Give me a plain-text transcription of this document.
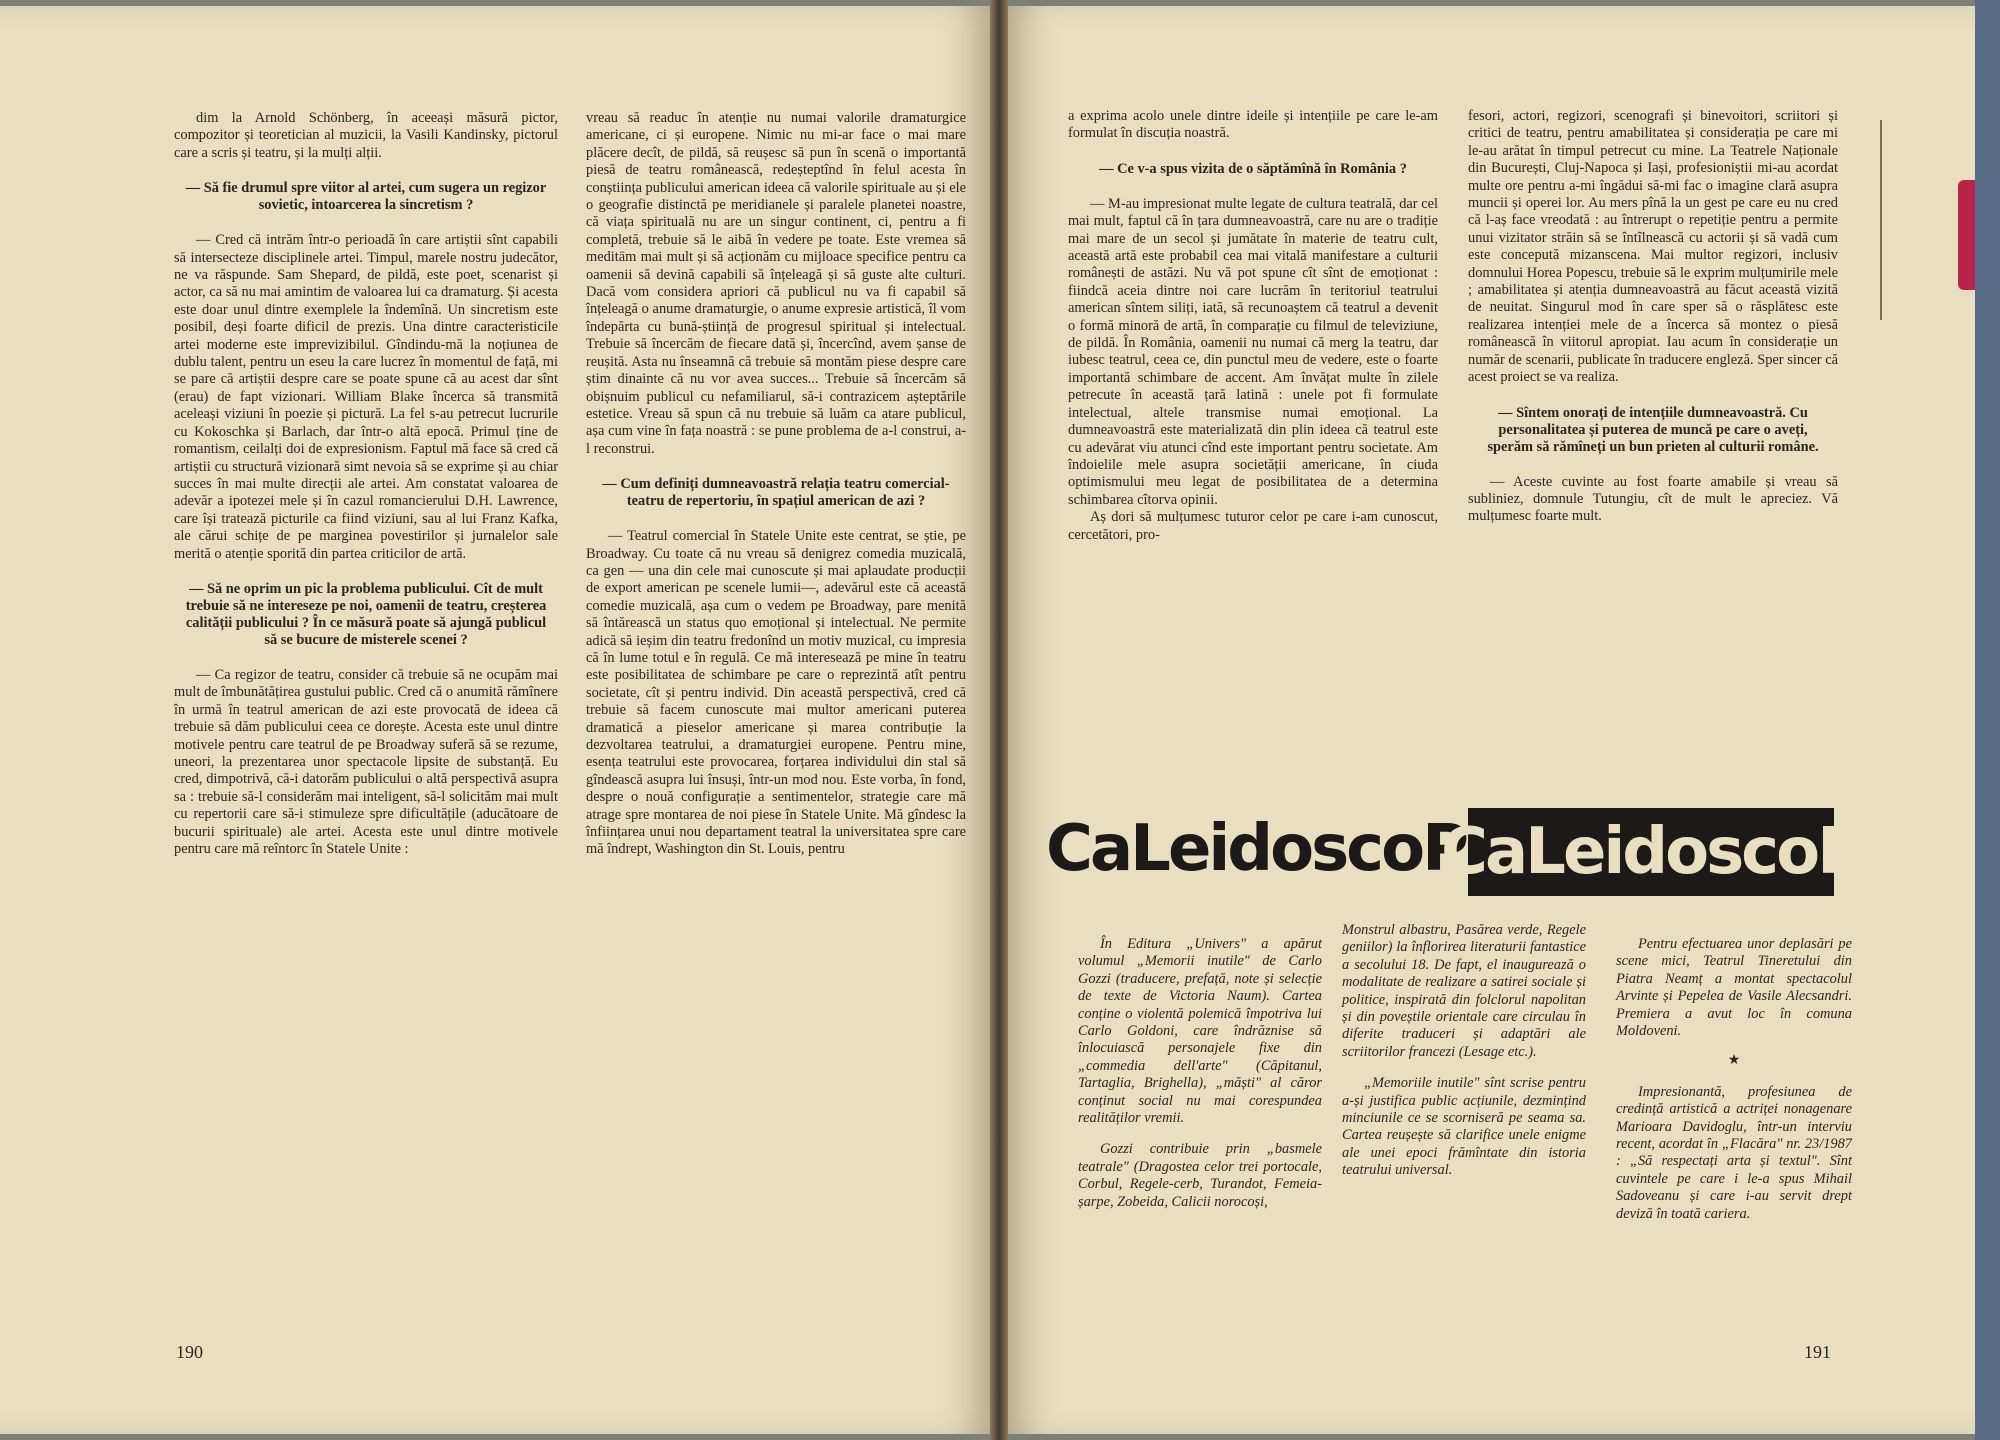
dim la Arnold Schönberg, în aceeași măsură pictor, compozitor și teoretician al muzicii, la Vasili Kandinsky, pictorul care a scris și teatru, și la mulți alții.

— Să fie drumul spre viitor al artei, cum sugera un regizor sovietic, intoarcerea la sincretism ?

— Cred că intrăm într-o perioadă în care artiștii sînt capabili să intersecteze disciplinele artei. Timpul, marele nostru judecător, ne va răspunde. Sam Shepard, de pildă, este poet, scenarist și actor, ca să nu mai amintim de valoarea lui ca dramaturg. Și acesta este doar unul dintre exemplele la îndemînă. Un sincretism este posibil, deși foarte dificil de prezis. Una dintre caracteristicile artei moderne este imprevizibilul. Gîndindu-mă la noțiunea de dublu talent, pentru un eseu la care lucrez în momentul de față, mi se pare că artiștii despre care se poate spune că au acest dar sînt (erau) de fapt vizionari. William Blake încerca să transmită aceleași viziuni în poezie și pictură. La fel s-au petrecut lucrurile cu Kokoschka și Barlach, dar într-o altă epocă. Primul ține de romantism, ceilalți doi de expresionism. Faptul mă face să cred că artiștii cu structură vizionară simt nevoia să se exprime și au chiar succes în mai multe direcții ale artei. Am constatat valoarea de adevăr a ipotezei mele și în cazul romancierului D.H. Lawrence, care își tratează picturile ca fiind viziuni, sau al lui Franz Kafka, ale cărui schițe de pe marginea povestirilor și jurnalelor sale merită o atenție sporită din partea criticilor de artă.

— Să ne oprim un pic la problema publicului. Cît de mult trebuie să ne intereseze pe noi, oamenii de teatru, creșterea calității publicului ? În ce măsură poate să ajungă publicul să se bucure de misterele scenei ?

— Ca regizor de teatru, consider că trebuie să ne ocupăm mai mult de îmbunătățirea gustului public. Cred că o anumită rămînere în urmă în teatrul american de azi este provocată de ideea că trebuie să dăm publicului ceea ce dorește. Acesta este unul dintre motivele pentru care teatrul de pe Broadway suferă să se rezume, uneori, la prezentarea unor spectacole lipsite de substanță. Eu cred, dimpotrivă, că-i datorăm publicului o altă perspectivă asupra sa : trebuie să-l considerăm mai inteligent, să-l solicităm mai mult cu repertorii care să-i stimuleze spre dificultățile (aducătoare de bucurii spirituale) ale artei. Acesta este unul dintre motivele pentru care mă reîntorc în Statele Unite :

vreau să readuc în atenție nu numai valorile dramaturgice americane, ci și europene. Nimic nu mi-ar face o mai mare plăcere decît, de pildă, să reușesc să pun în scenă o importantă piesă de teatru românească, redeșteptînd în felul acesta în conștiința publicului american ideea că valorile spirituale au și ele o geografie distinctă pe meridianele și paralele planetei noastre, că viața spirituală nu are un singur continent, ci, pentru a fi completă, trebuie să le aibă în vedere pe toate. Este vremea să meditām mai mult și să acționăm cu mijloace specifice pentru ca oamenii să devină capabili să înțeleagă și să guste alte culturi. Dacă vom considera apriori că publicul nu va fi capabil să înțeleagă o anume dramaturgie, o anume expresie artistică, îl vom îndepărta cu bună-știință de progresul spiritual și intelectual. Trebuie să încercăm de fiecare dată și, încercînd, avem șanse de reușită. Asta nu înseamnă că trebuie să montăm piese despre care știm dinainte că nu vor avea succes... Trebuie să încercăm să obișnuim publicul cu nefamiliarul, să-i contrazicem așteptările estetice. Vreau să spun că nu trebuie să luăm ca atare publicul, așa cum vine în fața noastră : se pune problema de a-l construi, a-l reconstrui.

— Cum definiți dumneavoastră relația teatru comercial-teatru de repertoriu, în spațiul american de azi ?

— Teatrul comercial în Statele Unite este centrat, se știe, pe Broadway. Cu toate că nu vreau să denigrez comedia muzicală, ca gen — una din cele mai cunoscute și mai aplaudate producții de export american pe scenele lumii—, adevărul este că această comedie muzicală, așa cum o vedem pe Broadway, pare menită să întărească un status quo emoțional și intelectual. Ne permite adică să ieșim din teatru fredonînd un motiv muzical, cu impresia că în lume totul e în regulă. Ce mă interesează pe mine în teatru este posibilitatea de schimbare pe care o reprezintă atît pentru societate, cît și pentru individ. Din această perspectivă, cred că trebuie să facem cunoscute mai multor americani puterea dramatică a pieselor americane și marea contribuție la dezvoltarea teatrului, a dramaturgiei europene. Pentru mine, esența teatrului este provocarea, forțarea individului din stal să gîndească asupra lui însuși, într-un mod nou. Este vorba, în fond, despre o nouă configurație a sentimentelor, strategie care mă atrage spre montarea de noi piese în Statele Unite. Mă gîndesc la înființarea unui nou departament teatral la universitatea spre care mă îndrept, Washington din St. Louis, pentru

190

a exprima acolo unele dintre ideile și intențiile pe care le-am formulat în discuția noastră.

— Ce v-a spus vizita de o săptămînă în România ?

— M-au impresionat multe legate de cultura teatrală, dar cel mai mult, faptul că în țara dumneavoastră, care nu are o tradiție mai mare de un secol și jumătate în materie de teatru cult, această artă este probabil cea mai vitală manifestare a culturii românești de astăzi. Nu vă pot spune cît sînt de emoționat : fiindcă aceia dintre noi care lucrăm în teritoriul teatrului american sîntem siliți, iată, să recunoaștem că teatrul a devenit o formă minoră de artă, în comparație cu filmul de televiziune, de pildă. În România, oamenii nu numai că merg la teatru, dar iubesc teatrul, ceea ce, din punctul meu de vedere, este o foarte importantă schimbare de accent. Am învățat multe în zilele petrecute în această țară latină : unele pot fi formulate intelectual, altele transmise numai emoțional. La dumneavoastră este materializată din plin ideea că teatrul este cu adevărat viu atunci cînd este important pentru societate. Am îndoielile mele asupra societății americane, în ciuda optimismului meu legat de posibilitatea de a determina schimbarea cîtorva opinii.

Aș dori să mulțumesc tuturor celor pe care i-am cunoscut, cercetători, pro-

fesori, actori, regizori, scenografi și binevoitori, scriitori și critici de teatru, pentru amabilitatea și considerația pe care mi le-au arătat în timpul petrecut cu mine. La Teatrele Naționale din București, Cluj-Napoca și Iași, profesioniștii mi-au acordat multe ore pentru a-mi îngădui să-mi fac o imagine clară asupra muncii și operei lor. Au mers pînă la un gest pe care eu nu cred că l-aș face vreodată : au întrerupt o repetiție pentru a permite unui vizitator străin să se întîlnească cu actorii și să vadă cum este concepută mizanscena. Mai multor regizori, inclusiv domnului Horea Popescu, trebuie să le exprim mulțumirile mele ; amabilitatea și atenția dumneavoastră au făcut această vizită de neuitat. Singurul mod în care sper să o răsplătesc este realizarea intenției mele de a încerca să montez o piesă românească în viitorul apropiat. Iau acum în considerație un număr de scenarii, publicate în traducere engleză. Sper sincer că acest proiect se va realiza.

— Sîntem onorați de intențiile dumneavoastră. Cu personalitatea și puterea de muncă pe care o aveți, sperăm să rămîneți un bun prieten al culturii române.

— Aceste cuvinte au fost foarte amabile și vreau să subliniez, domnule Tutungiu, cît de mult le apreciez. Vă mulțumesc foarte mult.

În Editura „Univers" a apărut volumul „Memorii inutile" de Carlo Gozzi (traducere, prefață, note și selecție de texte de Victoria Naum). Cartea conține o violentă polemică împotriva lui Carlo Goldoni, care îndrăznise să înlocuiască personajele fixe din „commedia dell'arte" (Căpitanul, Tartaglia, Brighella), „măști" al căror conținut social nu mai corespundea realităților vremii.

Gozzi contribuie prin „basmele teatrale" (Dragostea celor trei portocale, Corbul, Regele-cerb, Turandot, Femeia-șarpe, Zobeida, Calicii norocoși,

Monstrul albastru, Pasărea verde, Regele geniilor) la înflorirea literaturii fantastice a secolului 18. De fapt, el inaugurează o modalitate de realizare a satirei sociale și politice, inspirată din folclorul napolitan și din poveștile orientale care circulau în diferite traduceri și adaptări ale scriitorilor francezi (Lesage etc.).

„Memoriile inutile" sînt scrise pentru a-și justifica public acțiunile, dezmințind minciunile ce se scorniseră pe seama sa. Cartea reușește să clarifice unele enigme ale unei epoci frămîntate din istoria teatrului universal.

Pentru efectuarea unor deplasări pe scene mici, Teatrul Tineretului din Piatra Neamț a montat spectacolul Arvinte și Pepelea de Vasile Alecsandri. Premiera a avut loc în comuna Moldoveni.

★

Impresionantă, profesiunea de credință artistică a actriței nonagenare Marioara Davidoglu, într-un interviu recent, acordat în „Flacăra" nr. 23/1987 : „Să respectați arta și textul". Sînt cuvintele pe care i le-a spus Mihail Sadoveanu și care i-au servit drept deviză în toată cariera.

191
CaLeidoscoP
CaLeidoscoP
